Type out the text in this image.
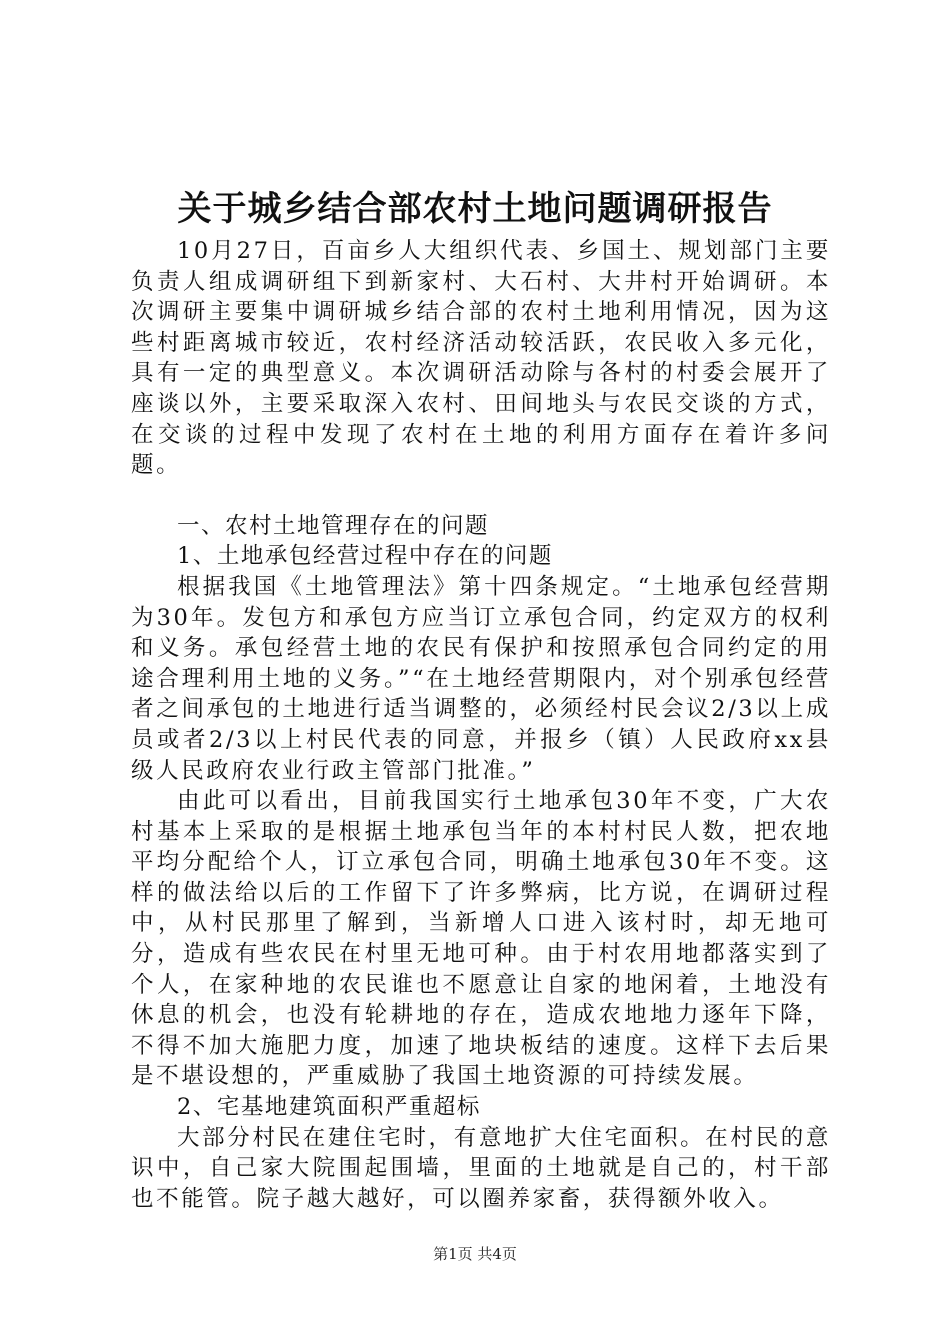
关于城乡结合部农村土地问题调研报告

10月27日，百亩乡人大组织代表、乡国土、规划部门主要负责人组成调研组下到新家村、大石村、大井村开始调研。本次调研主要集中调研城乡结合部的农村土地利用情况，因为这些村距离城市较近，农村经济活动较活跃，农民收入多元化，具有一定的典型意义。本次调研活动除与各村的村委会展开了座谈以外，主要采取深入农村、田间地头与农民交谈的方式，在交谈的过程中发现了农村在土地的利用方面存在着许多问题。

一、农村土地管理存在的问题

1、土地承包经营过程中存在的问题

根据我国《土地管理法》第十四条规定。“土地承包经营期为30年。发包方和承包方应当订立承包合同，约定双方的权利和义务。承包经营土地的农民有保护和按照承包合同约定的用途合理利用土地的义务。”“在土地经营期限内，对个别承包经营者之间承包的土地进行适当调整的，必须经村民会议2/3以上成员或者2/3以上村民代表的同意，并报乡（镇）人民政府xx县级人民政府农业行政主管部门批准。”

由此可以看出，目前我国实行土地承包30年不变，广大农村基本上采取的是根据土地承包当年的本村村民人数，把农地平均分配给个人，订立承包合同，明确土地承包30年不变。这样的做法给以后的工作留下了许多弊病，比方说，在调研过程中，从村民那里了解到，当新增人口进入该村时，却无地可分，造成有些农民在村里无地可种。由于村农用地都落实到了个人，在家种地的农民谁也不愿意让自家的地闲着，土地没有休息的机会，也没有轮耕地的存在，造成农地地力逐年下降，不得不加大施肥力度，加速了地块板结的速度。这样下去后果是不堪设想的，严重威胁了我国土地资源的可持续发展。

2、宅基地建筑面积严重超标

大部分村民在建住宅时，有意地扩大住宅面积。在村民的意识中，自己家大院围起围墙，里面的土地就是自己的，村干部也不能管。院子越大越好，可以圈养家畜，获得额外收入。

第1页 共4页
